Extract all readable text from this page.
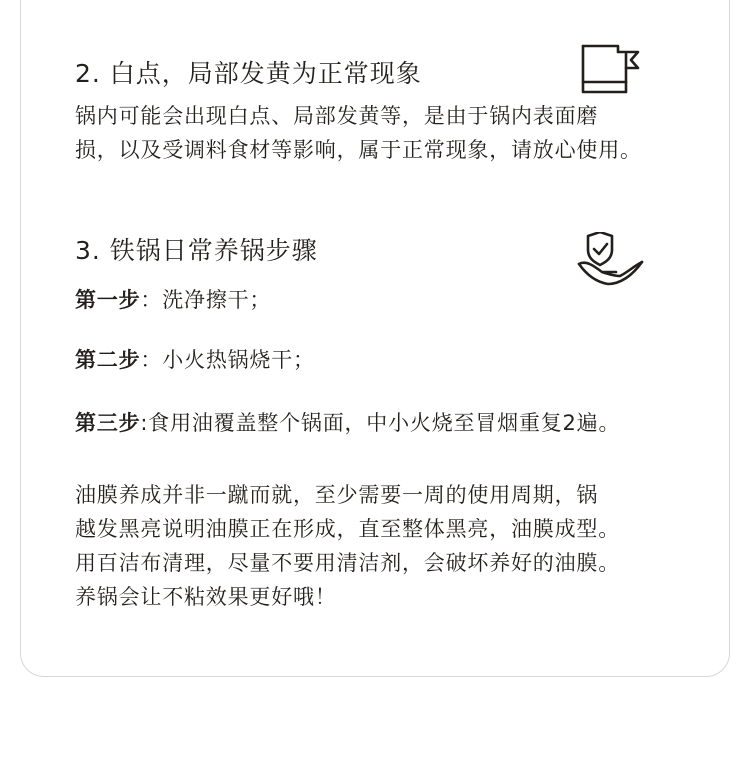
2. 白点，局部发黄为正常现象
锅内可能会出现白点、局部发黄等，是由于锅内表面磨
损，以及受调料食材等影响，属于正常现象，请放心使用。
3. 铁锅日常养锅步骤
第一步：洗净擦干；
第二步：小火热锅烧干；
第三步:食用油覆盖整个锅面，中小火烧至冒烟重复2遍。
油膜养成并非一蹴而就，至少需要一周的使用周期，锅
越发黑亮说明油膜正在形成，直至整体黑亮，油膜成型。
用百洁布清理，尽量不要用清洁剂，会破坏养好的油膜。
养锅会让不粘效果更好哦！
